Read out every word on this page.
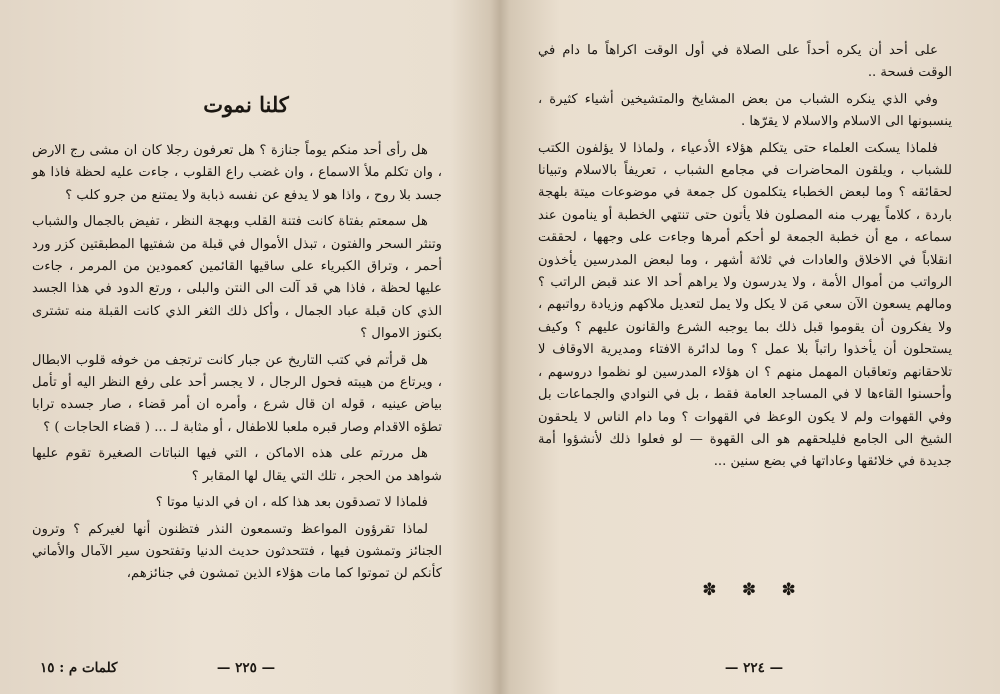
كلنا نموت

هل رأى أحد منكم يوماً جنازة ؟ هل تعرفون رجلا كان ان مشى رج الارض ، وان تكلم ملأ الاسماع ، وان غضب راع القلوب ، جاءت عليه لحظة فاذا هو جسد بلا روح ، واذا هو لا يدفع عن نفسه ذبابة ولا يمتنع من جرو كلب ؟

هل سمعتم بفتاة كانت فتنة القلب وبهجة النظر ، تفيض بالجمال والشباب وتنثر السحر والفتون ، تبذل الأموال في قبلة من شفتيها المطبقتين كزر ورد أحمر ، وتراق الكبرياء على ساقيها القائمين كعمودين من المرمر ، جاءت عليها لحظة ، فاذا هي قد آلت الى النتن والبلى ، ورتع الدود في هذا الجسد الذي كان قبلة عباد الجمال ، وأكل ذلك الثغر الذي كانت القبلة منه تشترى بكنوز الاموال ؟

هل قرأتم في كتب التاريخ عن جبار كانت ترتجف من خوفه قلوب الابطال ، ويرتاع من هيبته فحول الرجال ، لا يجسر أحد على رفع النظر اليه أو تأمل بياض عينيه ، قوله ان قال شرع ، وأمره ان أمر قضاء ، صار جسده ترابا تطؤه الاقدام وصار قبره ملعبا للاطفال ، أو مثابة لـ ... ( قضاء الحاجات ) ؟

هل مررتم على هذه الاماكن ، التي فيها النباتات الصغيرة تقوم عليها شواهد من الحجر ، تلك التي يقال لها المقابر ؟

فلماذا لا تصدقون بعد هذا كله ، ان في الدنيا موتا ؟

لماذا تقرؤون المواعظ وتسمعون النذر فتظنون أنها لغيركم ؟ وترون الجنائز وتمشون فيها ، فتتحدثون حديث الدنيا وتفتحون سير الآمال والأماني كأنكم لن تموتوا كما مات هؤلاء الذين تمشون في جنائزهم،

— ٢٢٥ —
كلمات م : ١٥

على أحد أن يكره أحداً على الصلاة في أول الوقت اكراهاً ما دام في الوقت فسحة ..

وفي الذي ينكره الشباب من بعض المشايخ والمتشيخين أشياء كثيرة ، ينسبونها الى الاسلام والاسلام لا يقرّها .

فلماذا يسكت العلماء حتى يتكلم هؤلاء الأدعياء ، ولماذا لا يؤلفون الكتب للشباب ، ويلقون المحاضرات في مجامع الشباب ، تعريفاً بالاسلام وتبيانا لحقائقه ؟ وما لبعض الخطباء يتكلمون كل جمعة في موضوعات ميتة بلهجة باردة ، كلاماً يهرب منه المصلون فلا يأتون حتى تنتهي الخطبة أو ينامون عند سماعه ، مع أن خطبة الجمعة لو أحكم أمرها وجاءت على وجهها ، لحققت انقلاباً في الاخلاق والعادات في ثلاثة أشهر ، وما لبعض المدرسين يأخذون الرواتب من أموال الأمة ، ولا يدرسون ولا يراهم أحد الا عند قبض الراتب ؟ ومالهم يسعون الآن سعي مَن لا يكل ولا يمل لتعديل ملاكهم وزيادة رواتبهم ، ولا يفكرون أن يقوموا قبل ذلك بما يوجبه الشرع والقانون عليهم ؟ وكيف يستحلون أن يأخذوا راتباً بلا عمل ؟ وما لدائرة الافتاء ومديرية الاوقاف لا تلاحقانهم وتعاقبان المهمل منهم ؟ ان هؤلاء المدرسين لو نظموا دروسهم ، وأحسنوا القاءها لا في المساجد العامة فقط ، بل في النوادي والجماعات بل وفي القهوات ولم لا يكون الوعظ في القهوات ؟ وما دام الناس لا يلحقون الشيخ الى الجامع فليلحقهم هو الى القهوة — لو فعلوا ذلك لأنشؤوا أمة جديدة في خلائقها وعاداتها في بضع سنين ...

✽ ✽ ✽
— ٢٢٤ —
